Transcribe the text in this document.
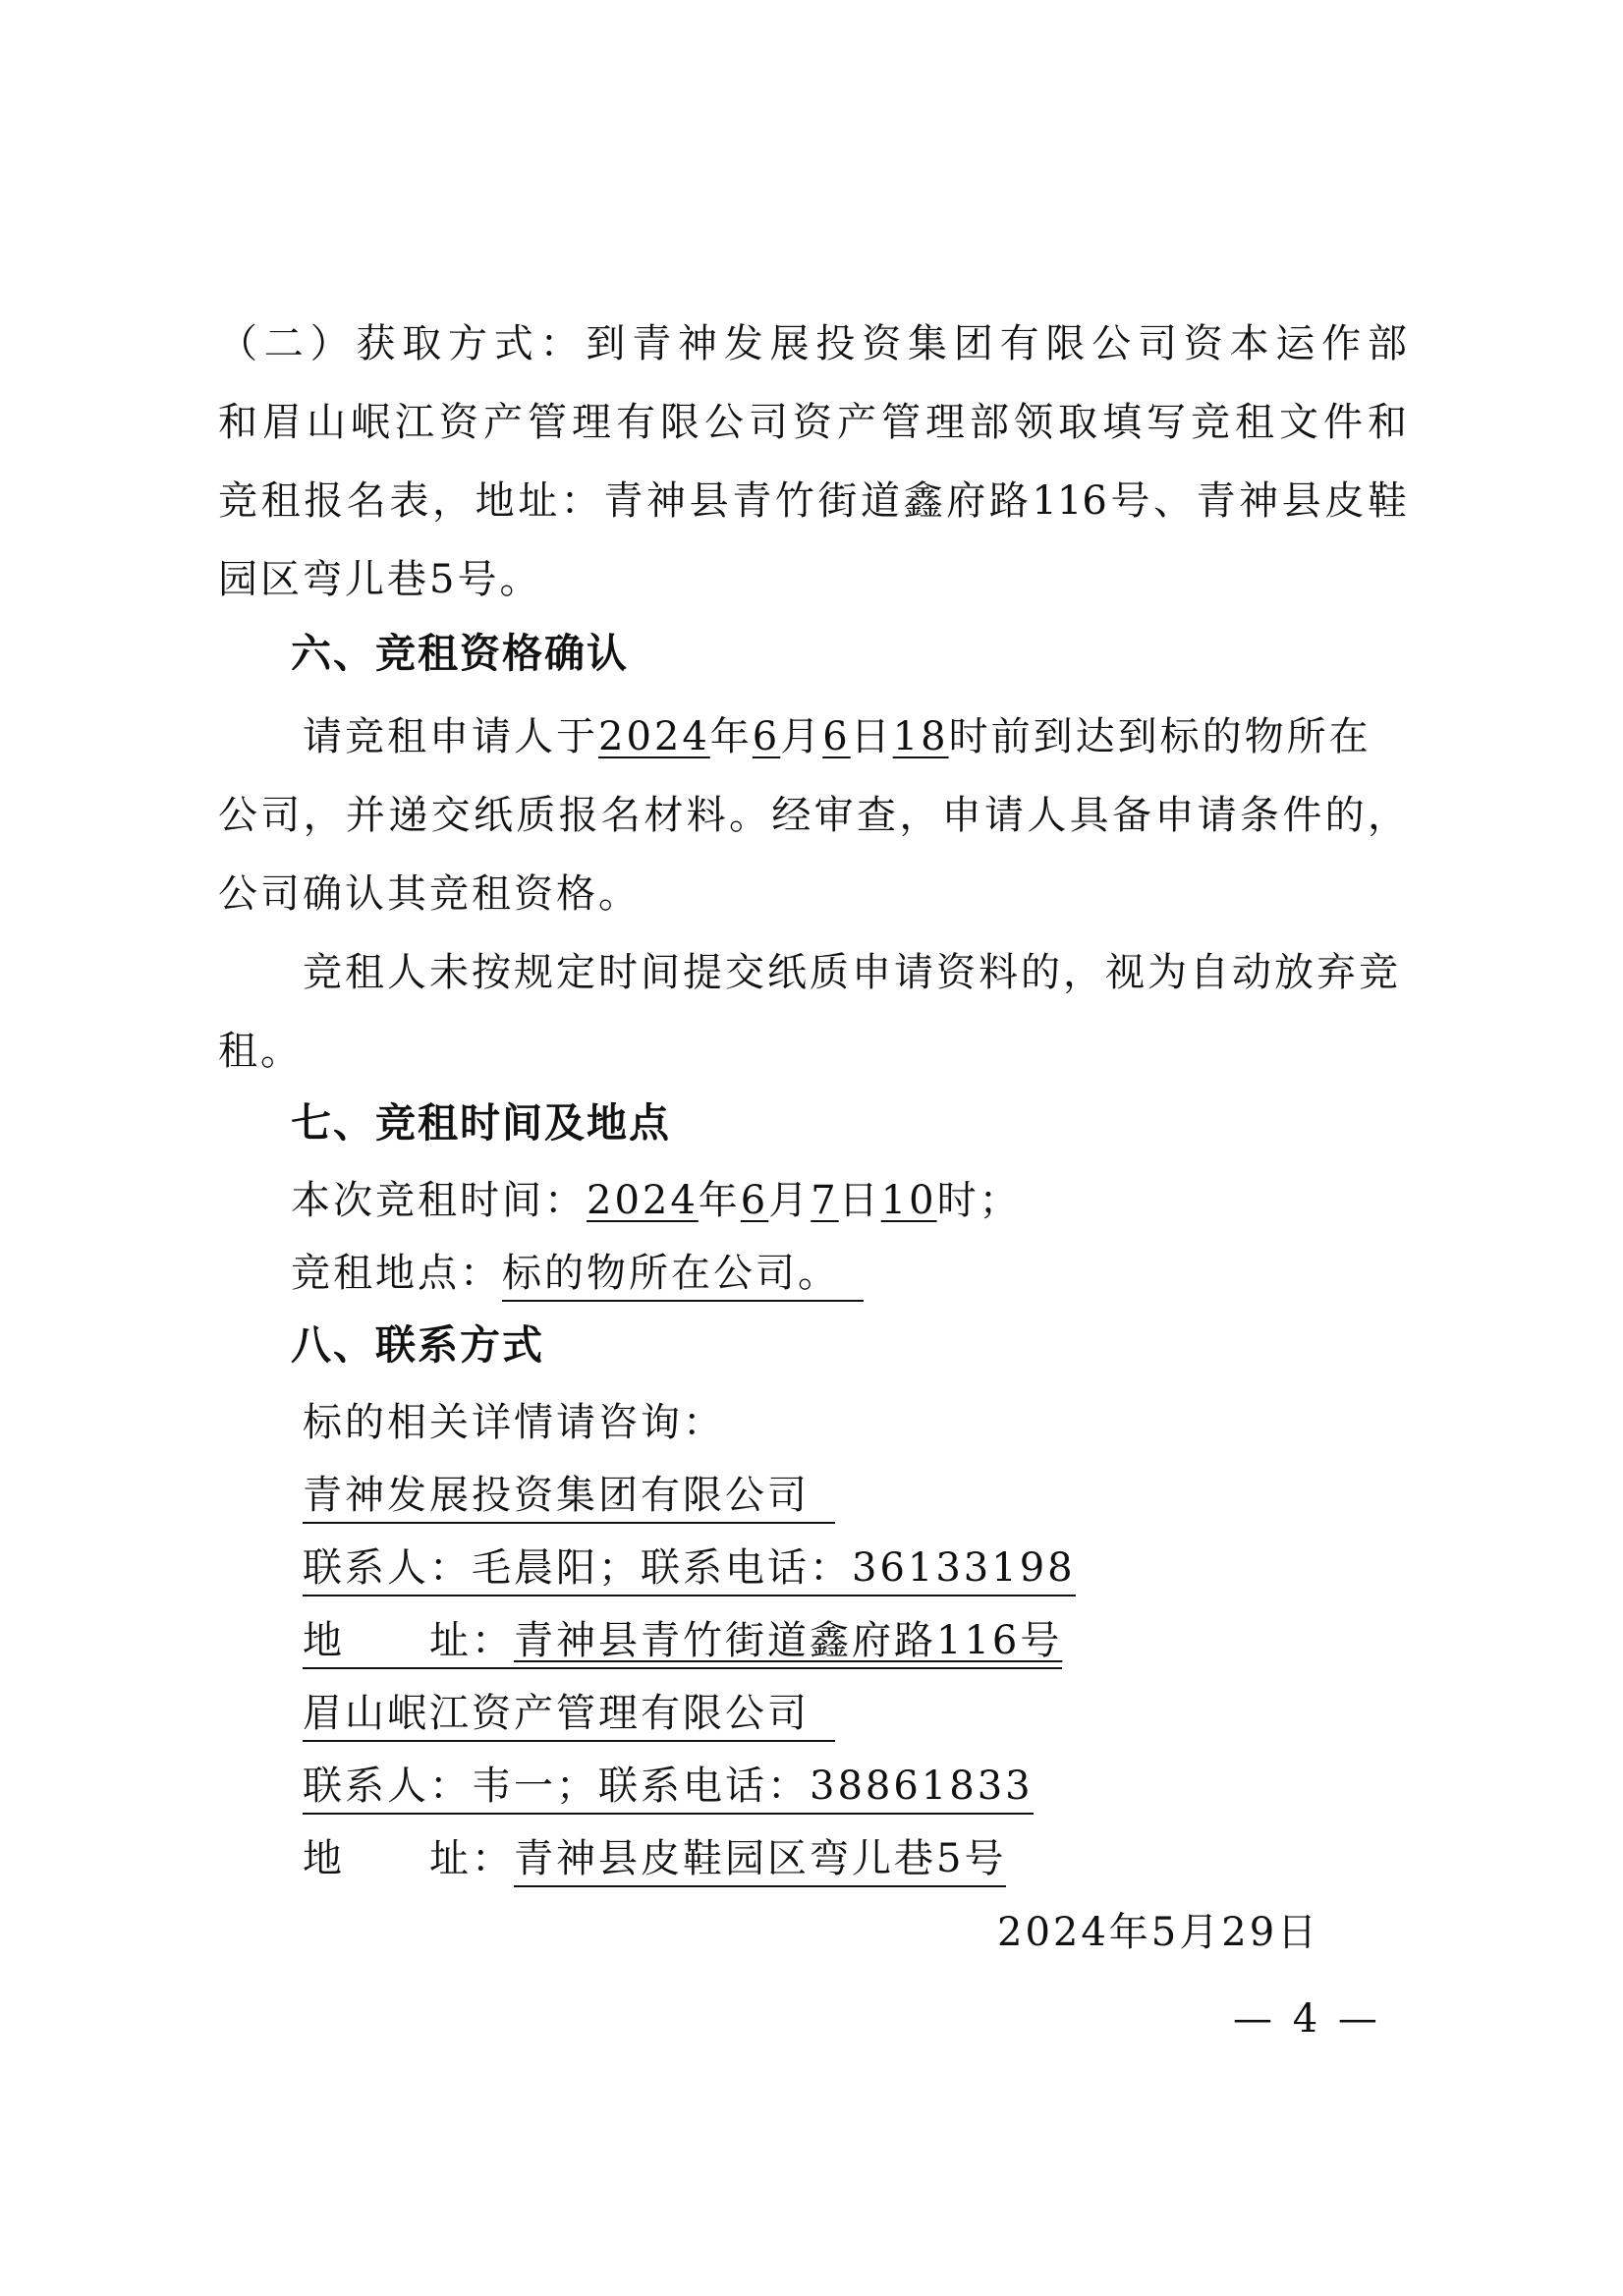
（二）获取方式：到青神发展投资集团有限公司资本运作部
和眉山岷江资产管理有限公司资产管理部领取填写竞租文件和
竞租报名表，地址：青神县青竹街道鑫府路116号、青神县皮鞋
园区弯儿巷5号。
六、竞租资格确认
请竞租申请人于2024年6月6日18时前到达到标的物所在
公司，并递交纸质报名材料。经审查，申请人具备申请条件的，
公司确认其竞租资格。
竞租人未按规定时间提交纸质申请资料的，视为自动放弃竞
租。
七、竞租时间及地点
本次竞租时间：2024年6月7日10时；
竞租地点：标的物所在公司。
八、联系方式
标的相关详情请咨询：
青神发展投资集团有限公司
联系人：毛晨阳；联系电话：36133198
地 址：青神县青竹街道鑫府路116号
眉山岷江资产管理有限公司
联系人：韦一；联系电话：38861833
地 址：青神县皮鞋园区弯儿巷5号
2024年5月29日
— 4 —
